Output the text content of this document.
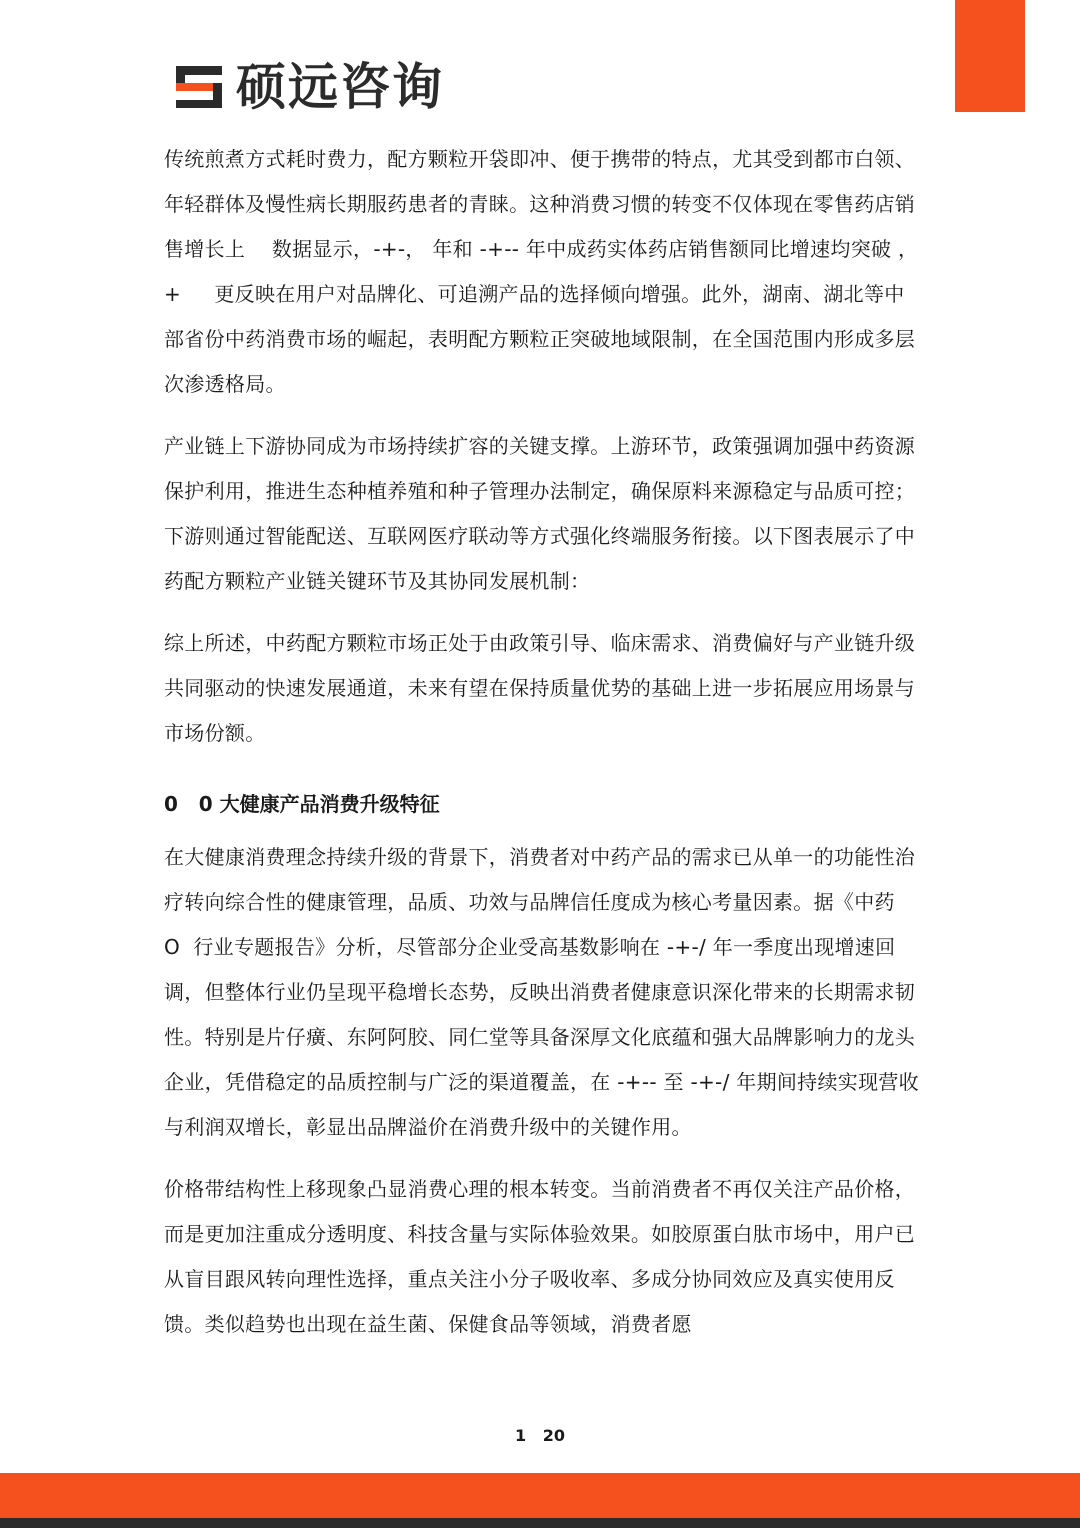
硕远咨询

传统煎煮方式耗时费力，配方颗粒开袋即冲、便于携带的特点，尤其受到都市白领、年轻群体及慢性病长期服药患者的青睐。这种消费习惯的转变不仅体现在零售药店销售增长上    数据显示，-+-， 年和 -+-- 年中成药实体药店销售额同比增速均突破 ，+     更反映在用户对品牌化、可追溯产品的选择倾向增强。此外，湖南、湖北等中部省份中药消费市场的崛起，表明配方颗粒正突破地域限制，在全国范围内形成多层次渗透格局。

产业链上下游协同成为市场持续扩容的关键支撑。上游环节，政策强调加强中药资源保护利用，推进生态种植养殖和种子管理办法制定，确保原料来源稳定与品质可控；下游则通过智能配送、互联网医疗联动等方式强化终端服务衔接。以下图表展示了中药配方颗粒产业链关键环节及其协同发展机制：

综上所述，中药配方颗粒市场正处于由政策引导、临床需求、消费偏好与产业链升级共同驱动的快速发展通道，未来有望在保持质量优势的基础上进一步拓展应用场景与市场份额。

0   0 大健康产品消费升级特征

在大健康消费理念持续升级的背景下，消费者对中药产品的需求已从单一的功能性治疗转向综合性的健康管理，品质、功效与品牌信任度成为核心考量因素。据《中药   O  行业专题报告》分析，尽管部分企业受高基数影响在 -+-/ 年一季度出现增速回调，但整体行业仍呈现平稳增长态势，反映出消费者健康意识深化带来的长期需求韧性。特别是片仔癀、东阿阿胶、同仁堂等具备深厚文化底蕴和强大品牌影响力的龙头企业，凭借稳定的品质控制与广泛的渠道覆盖，在 -+-- 至 -+-/ 年期间持续实现营收与利润双增长，彰显出品牌溢价在消费升级中的关键作用。

价格带结构性上移现象凸显消费心理的根本转变。当前消费者不再仅关注产品价格，而是更加注重成分透明度、科技含量与实际体验效果。如胶原蛋白肽市场中，用户已从盲目跟风转向理性选择，重点关注小分子吸收率、多成分协同效应及真实使用反馈。类似趋势也出现在益生菌、保健食品等领域，消费者愿

1   20
